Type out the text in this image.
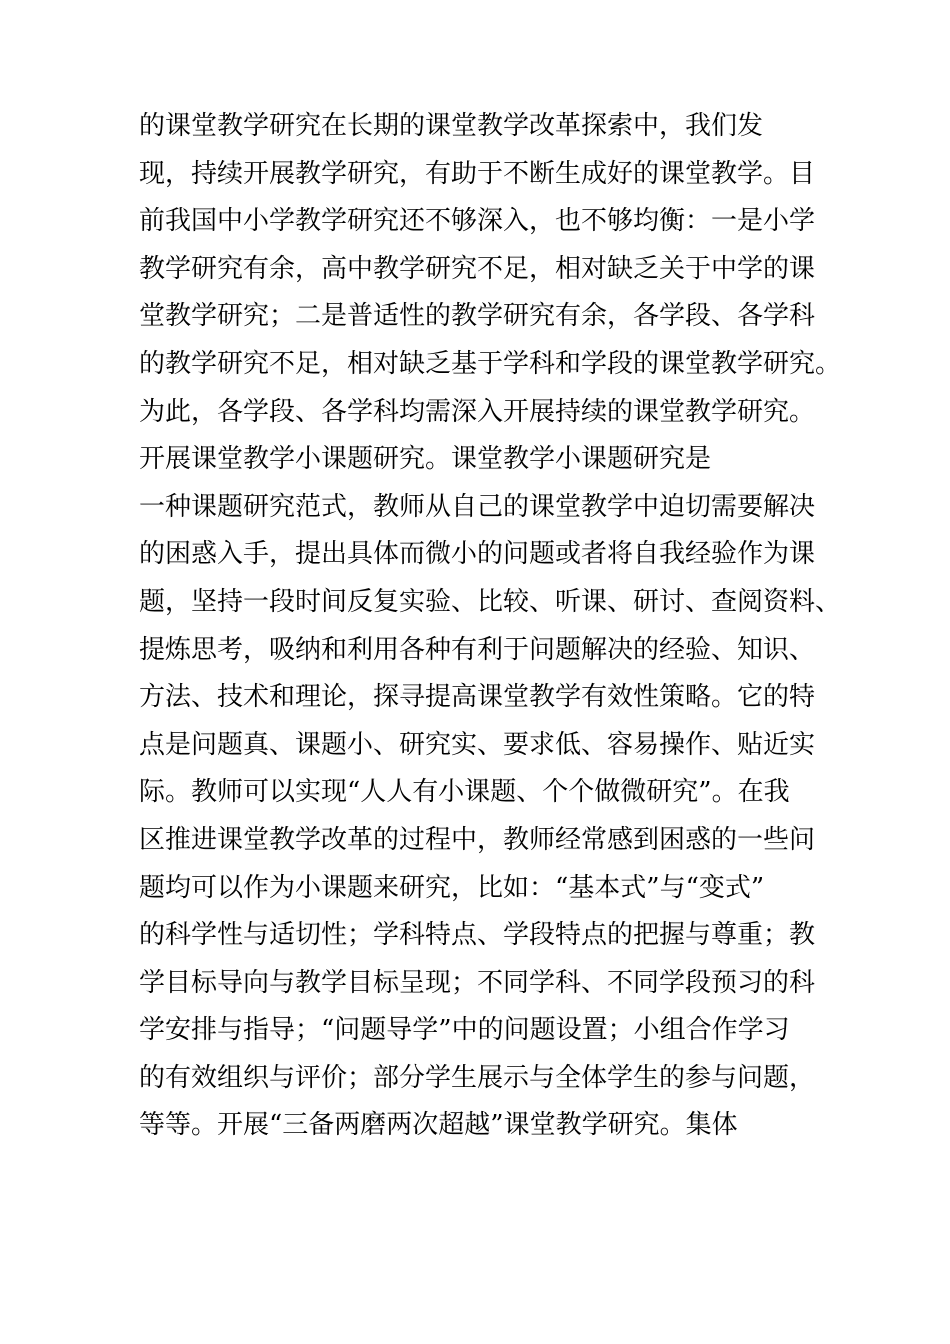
的课堂教学研究在长期的课堂教学改革探索中，我们发
现，持续开展教学研究，有助于不断生成好的课堂教学。目
前我国中小学教学研究还不够深入，也不够均衡：一是小学
教学研究有余，高中教学研究不足，相对缺乏关于中学的课
堂教学研究；二是普适性的教学研究有余，各学段、各学科
的教学研究不足，相对缺乏基于学科和学段的课堂教学研究。
为此，各学段、各学科均需深入开展持续的课堂教学研究。
开展课堂教学小课题研究。课堂教学小课题研究是
一种课题研究范式，教师从自己的课堂教学中迫切需要解决
的困惑入手，提出具体而微小的问题或者将自我经验作为课
题，坚持一段时间反复实验、比较、听课、研讨、查阅资料、
提炼思考，吸纳和利用各种有利于问题解决的经验、知识、
方法、技术和理论，探寻提高课堂教学有效性策略。它的特
点是问题真、课题小、研究实、要求低、容易操作、贴近实
际。教师可以实现“人人有小课题、个个做微研究”。在我
区推进课堂教学改革的过程中，教师经常感到困惑的一些问
题均可以作为小课题来研究，比如：“基本式”与“变式”
的科学性与适切性；学科特点、学段特点的把握与尊重；教
学目标导向与教学目标呈现；不同学科、不同学段预习的科
学安排与指导；“问题导学”中的问题设置；小组合作学习
的有效组织与评价；部分学生展示与全体学生的参与问题，
等等。开展“三备两磨两次超越”课堂教学研究。集体
